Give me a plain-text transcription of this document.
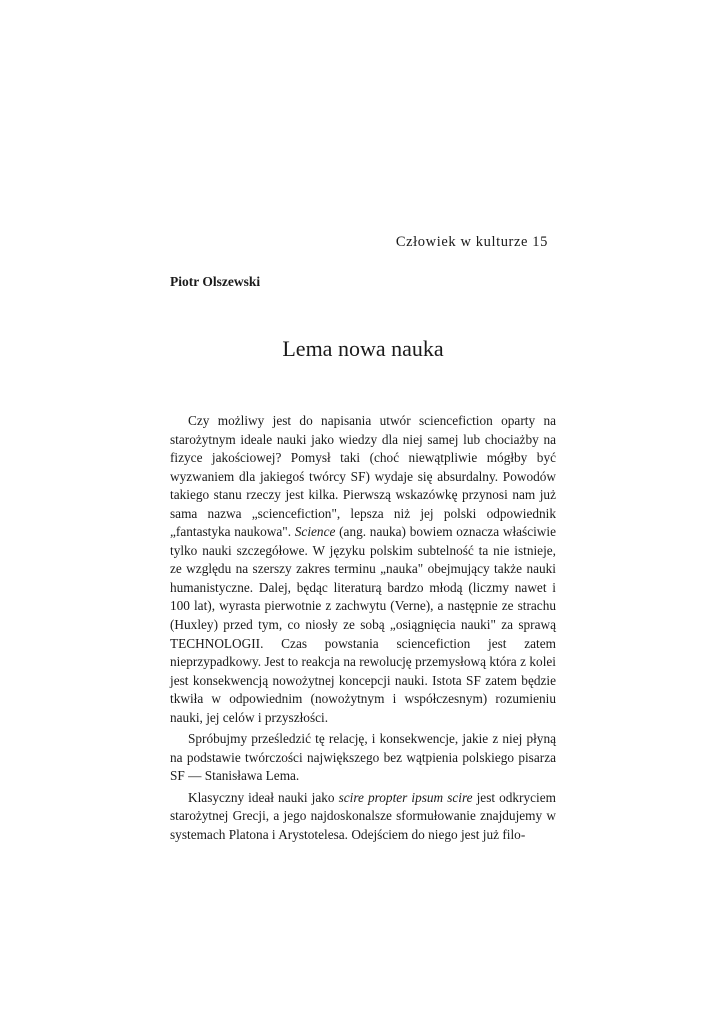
Człowiek w kulturze 15

Piotr Olszewski

Lema nowa nauka

Czy możliwy jest do napisania utwór sciencefiction oparty na starożytnym ideale nauki jako wiedzy dla niej samej lub chociażby na fizyce jakościowej? Pomysł taki (choć niewątpliwie mógłby być wyzwaniem dla jakiegoś twórcy SF) wydaje się absurdalny. Powodów takiego stanu rzeczy jest kilka. Pierwszą wskazówkę przynosi nam już sama nazwa „sciencefiction", lepsza niż jej polski odpowiednik „fantastyka naukowa". Science (ang. nauka) bowiem oznacza właściwie tylko nauki szczegółowe. W języku polskim subtelność ta nie istnieje, ze względu na szerszy zakres terminu „nauka" obejmujący także nauki humanistyczne. Dalej, będąc literaturą bardzo młodą (liczmy nawet i 100 lat), wyrasta pierwotnie z zachwytu (Verne), a następnie ze strachu (Huxley) przed tym, co niosły ze sobą „osiągnięcia nauki" za sprawą TECHNOLOGII. Czas powstania sciencefiction jest zatem nieprzypadkowy. Jest to reakcja na rewolucję przemysłową która z kolei jest konsekwencją nowożytnej koncepcji nauki. Istota SF zatem będzie tkwiła w odpowiednim (nowożytnym i współczesnym) rozumieniu nauki, jej celów i przyszłości.

Spróbujmy prześledzić tę relację, i konsekwencje, jakie z niej płyną na podstawie twórczości największego bez wątpienia polskiego pisarza SF — Stanisława Lema.

Klasyczny ideał nauki jako scire propter ipsum scire jest odkryciem starożytnej Grecji, a jego najdoskonalsze sformułowanie znajdujemy w systemach Platona i Arystotelesa. Odejściem do niego jest już filo-
